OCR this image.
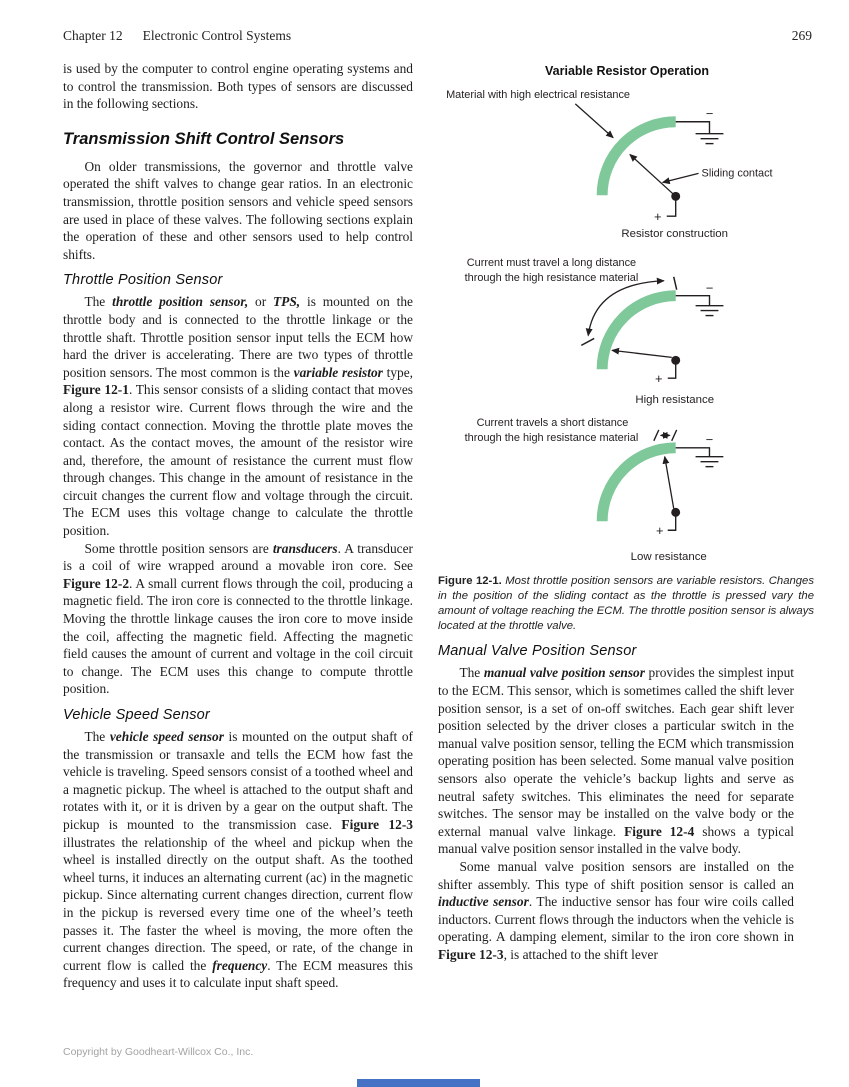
Chapter 12 Electronic Control Systems	269

is used by the computer to control engine operating systems and to control the transmission. Both types of sensors are discussed in the following sections.

Transmission Shift Control Sensors

On older transmissions, the governor and throttle valve operated the shift valves to change gear ratios. In an electronic transmission, throttle position sensors and vehicle speed sensors are used in place of these valves. The following sections explain the operation of these and other sensors used to help control shifts.

Throttle Position Sensor

The throttle position sensor, or TPS, is mounted on the throttle body and is connected to the throttle linkage or the throttle shaft. Throttle position sensor input tells the ECM how hard the driver is accelerating. There are two types of throttle position sensors. The most common is the variable resistor type, Figure 12-1. This sensor consists of a sliding contact that moves along a resistor wire. Current flows through the wire and the siding contact connection. Moving the throttle plate moves the contact. As the contact moves, the amount of the resistor wire and, therefore, the amount of resistance the current must flow through changes. This change in the amount of resistance in the circuit changes the current flow and voltage through the circuit. The ECM uses this voltage change to calculate the throttle position.

Some throttle position sensors are transducers. A transducer is a coil of wire wrapped around a movable iron core. See Figure 12-2. A small current flows through the coil, producing a magnetic field. The iron core is connected to the throttle linkage. Moving the throttle linkage causes the iron core to move inside the coil, affecting the magnetic field. Affecting the magnetic field causes the amount of current and voltage in the coil circuit to change. The ECM uses this change to compute throttle position.

Vehicle Speed Sensor

The vehicle speed sensor is mounted on the output shaft of the transmission or transaxle and tells the ECM how fast the vehicle is traveling. Speed sensors consist of a toothed wheel and a magnetic pickup. The wheel is attached to the output shaft and rotates with it, or it is driven by a gear on the output shaft. The pickup is mounted to the transmission case. Figure 12-3 illustrates the relationship of the wheel and pickup when the wheel is installed directly on the output shaft. As the toothed wheel turns, it induces an alternating current (ac) in the magnetic pickup. Since alternating current changes direction, current flow in the pickup is reversed every time one of the wheel’s teeth passes it. The faster the wheel is moving, the more often the current changes direction. The speed, or rate, of the change in current flow is called the frequency. The ECM measures this frequency and uses it to calculate input shaft speed.

Variable Resistor Operation
Material with high electrical resistance
−
+
Sliding contact
Resistor construction
Current must travel a long distance
through the high resistance material
−
+
High resistance
Current travels a short distance
through the high resistance material	−
+
Low resistance

Figure 12-1. Most throttle position sensors are variable resistors. Changes in the position of the sliding contact as the throttle is pressed vary the amount of voltage reaching the ECM. The throttle position sensor is always located at the throttle valve.

Manual Valve Position Sensor

The manual valve position sensor provides the simplest input to the ECM. This sensor, which is sometimes called the shift lever position sensor, is a set of on-off switches. Each gear shift lever position selected by the driver closes a particular switch in the manual valve position sensor, telling the ECM which transmission operating position has been selected. Some manual valve position sensors also operate the vehicle’s backup lights and serve as neutral safety switches. This eliminates the need for separate switches. The sensor may be installed on the valve body or the external manual valve linkage. Figure 12-4 shows a typical manual valve position sensor installed in the valve body.

Some manual valve position sensors are installed on the shifter assembly. This type of shift position sensor is called an inductive sensor. The inductive sensor has four wire coils called inductors. Current flows through the inductors when the vehicle is operating. A damping element, similar to the iron core shown in Figure 12-3, is attached to the shift lever

Copyright by Goodheart-Willcox Co., Inc.
